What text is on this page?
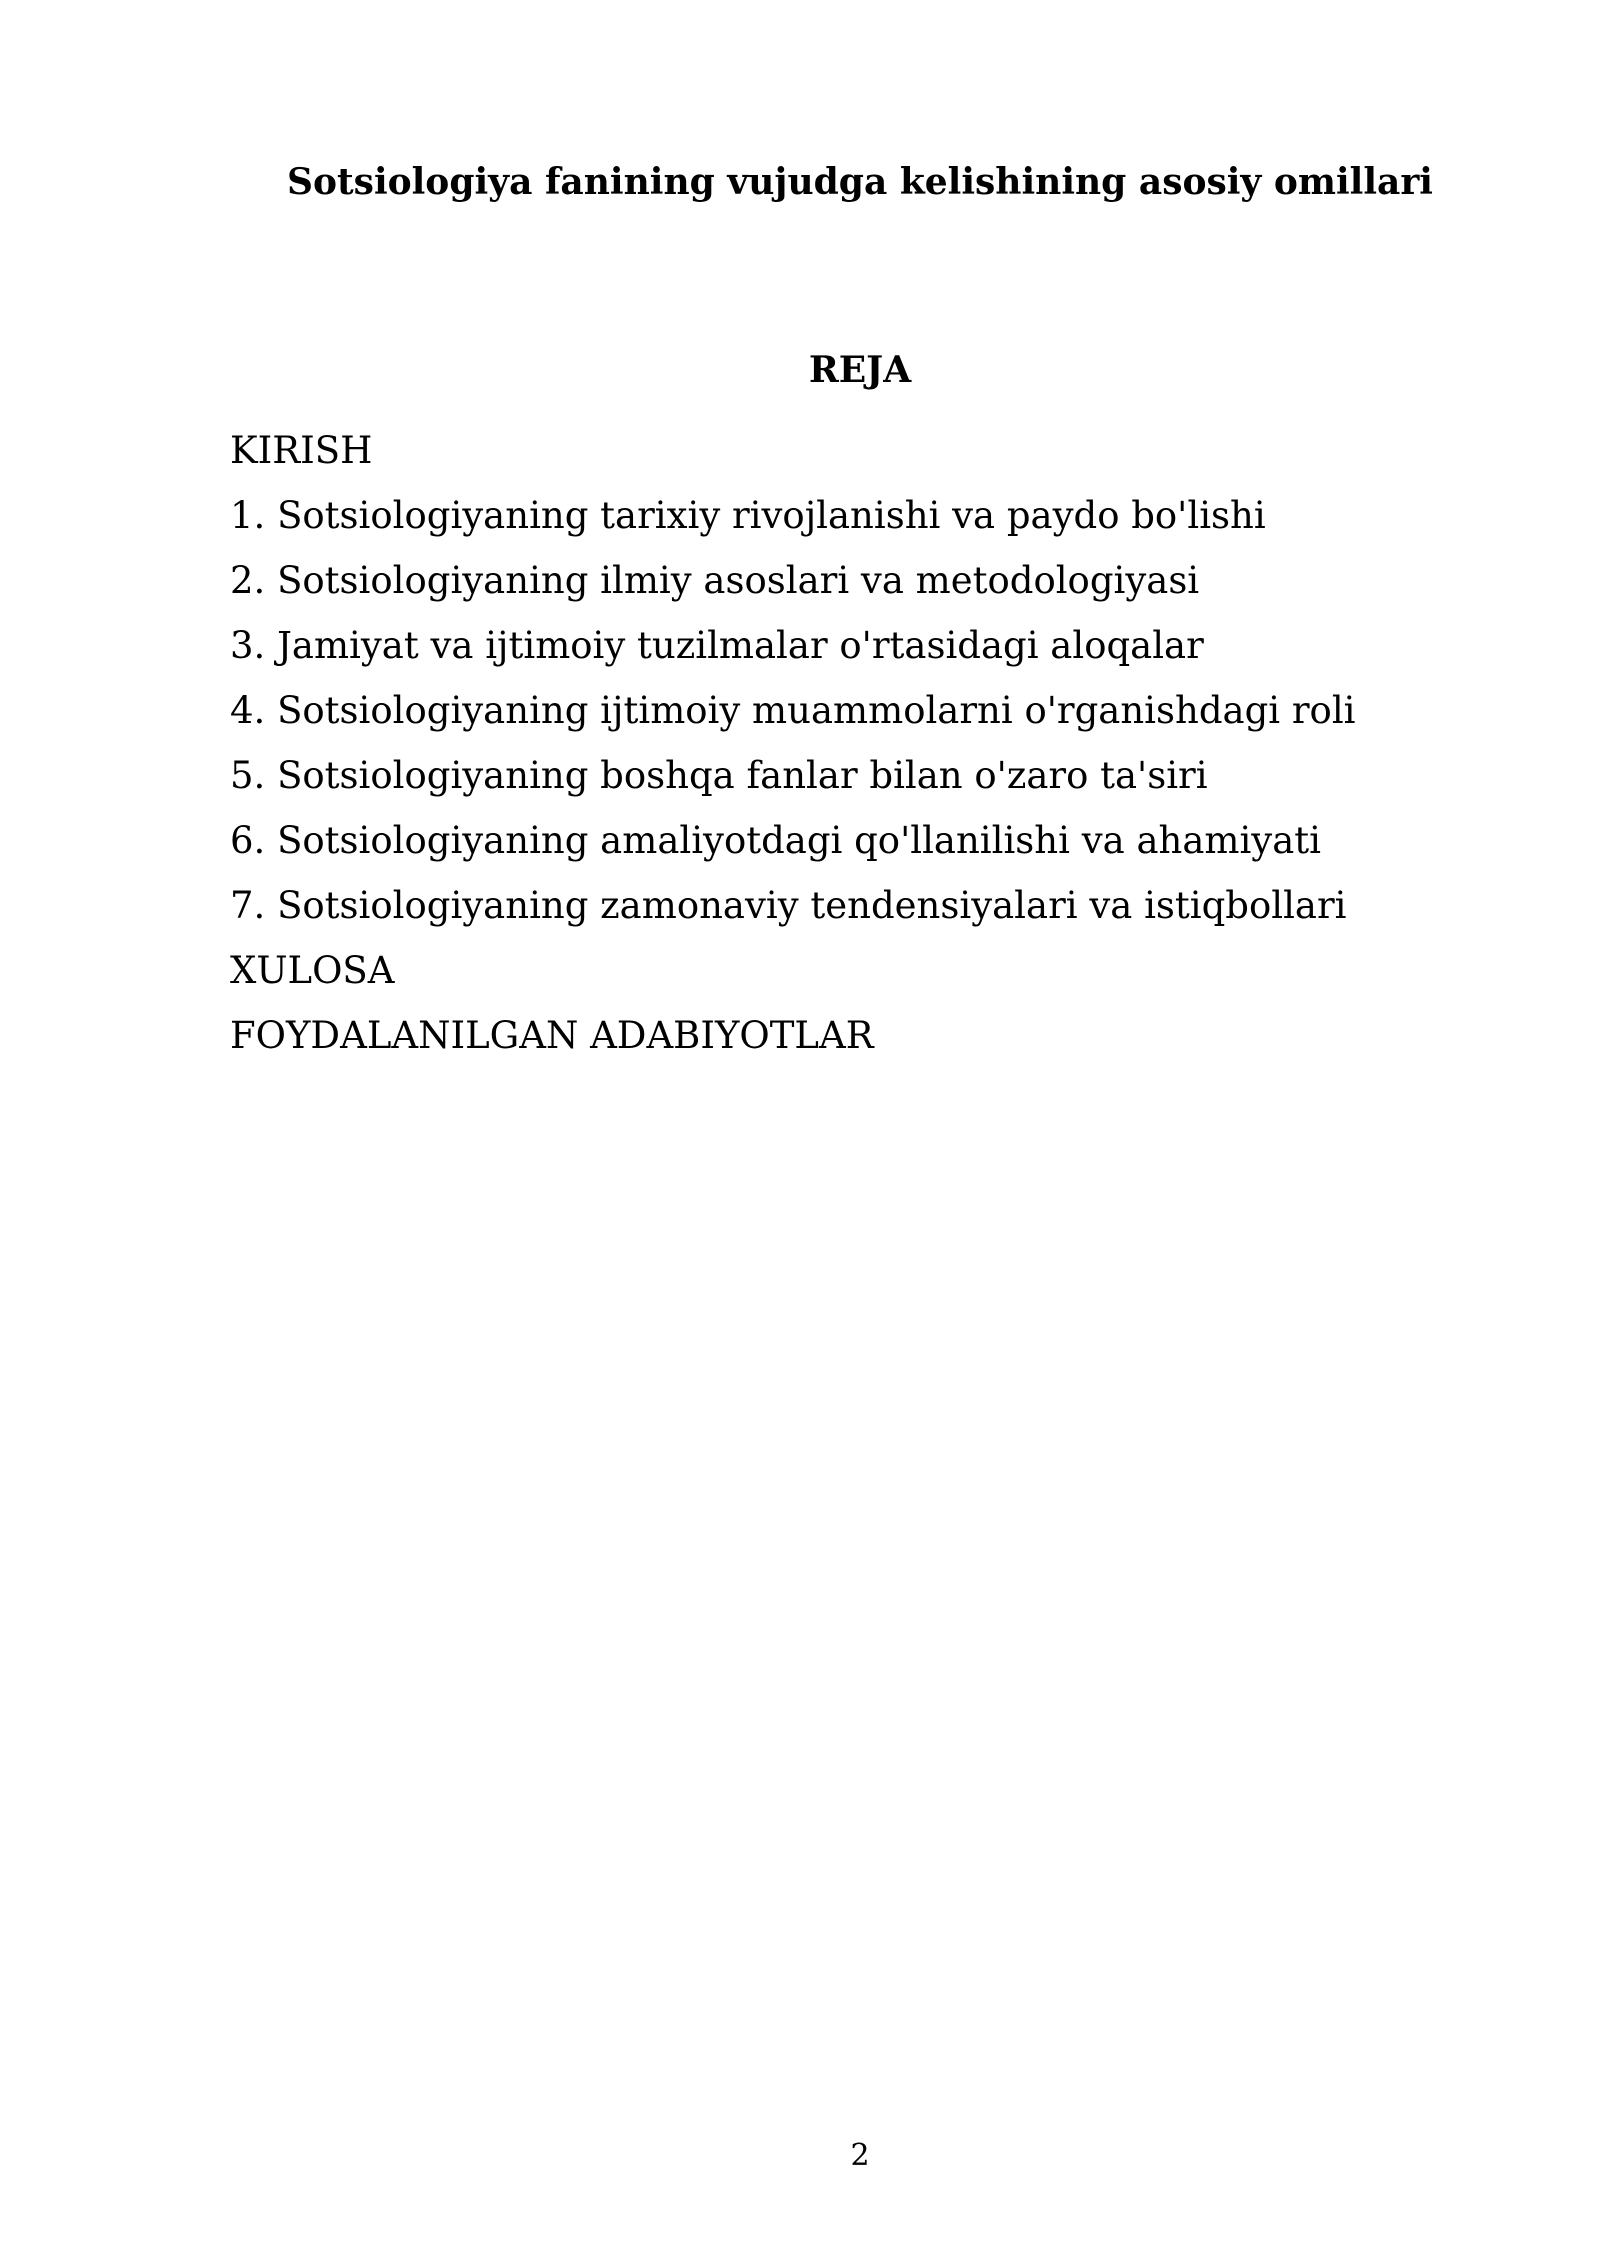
Sotsiologiya fanining vujudga kelishining asosiy omillari
REJA
KIRISH
1. Sotsiologiyaning tarixiy rivojlanishi va paydo bo'lishi
2. Sotsiologiyaning ilmiy asoslari va metodologiyasi
3. Jamiyat va ijtimoiy tuzilmalar o'rtasidagi aloqalar
4. Sotsiologiyaning ijtimoiy muammolarni o'rganishdagi roli
5. Sotsiologiyaning boshqa fanlar bilan o'zaro ta'siri
6. Sotsiologiyaning amaliyotdagi qo'llanilishi va ahamiyati
7. Sotsiologiyaning zamonaviy tendensiyalari va istiqbollari
XULOSA
FOYDALANILGAN ADABIYOTLAR
2
